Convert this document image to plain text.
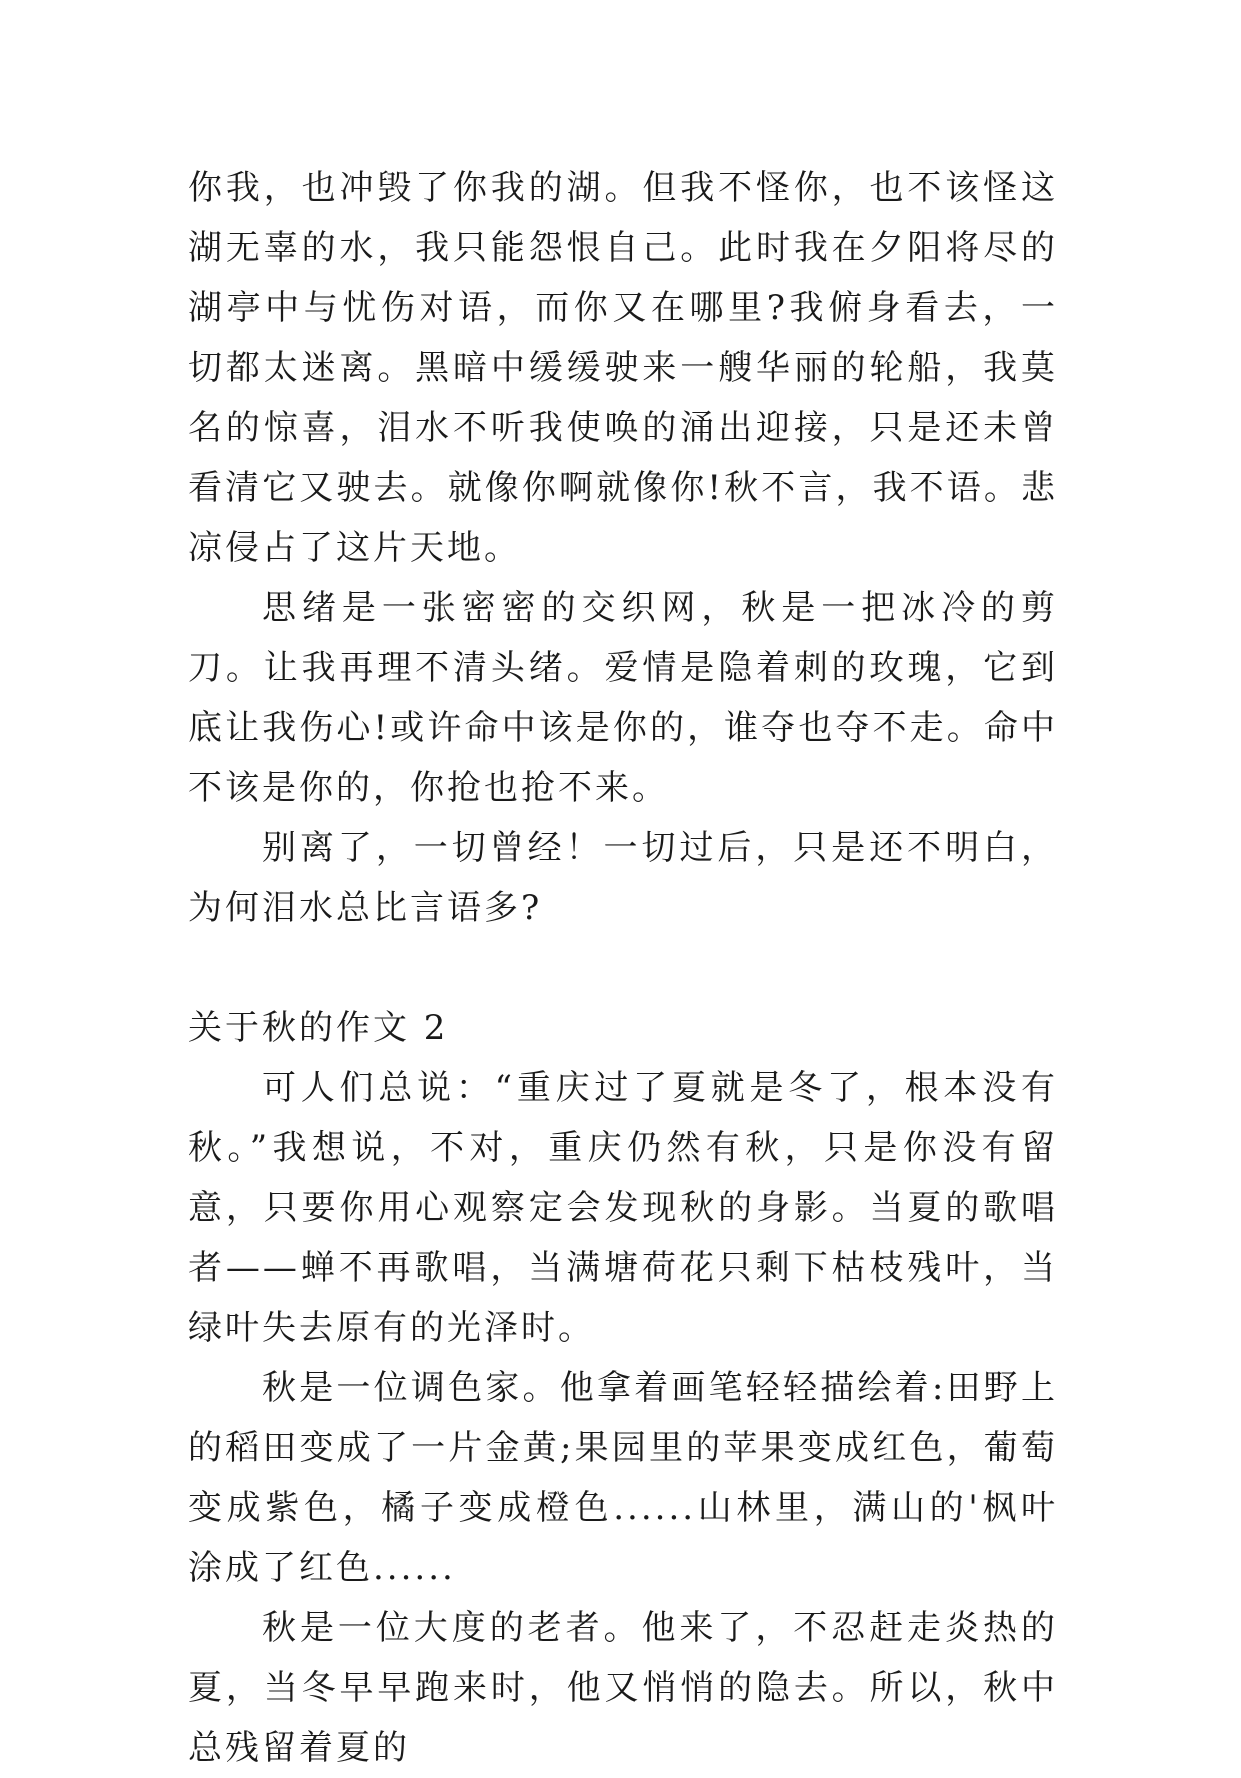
你我，也冲毁了你我的湖。但我不怪你，也不该怪这湖无辜的水，我只能怨恨自己。此时我在夕阳将尽的湖亭中与忧伤对语，而你又在哪里?我俯身看去，一切都太迷离。黑暗中缓缓驶来一艘华丽的轮船，我莫名的惊喜，泪水不听我使唤的涌出迎接，只是还未曾看清它又驶去。就像你啊就像你!秋不言，我不语。悲凉侵占了这片天地。

思绪是一张密密的交织网，秋是一把冰冷的剪刀。让我再理不清头绪。爱情是隐着刺的玫瑰，它到底让我伤心!或许命中该是你的，谁夺也夺不走。命中不该是你的，你抢也抢不来。

别离了，一切曾经！一切过后，只是还不明白，为何泪水总比言语多?

关于秋的作文 2

可人们总说：“重庆过了夏就是冬了，根本没有秋。”我想说，不对，重庆仍然有秋，只是你没有留意，只要你用心观察定会发现秋的身影。当夏的歌唱者——蝉不再歌唱，当满塘荷花只剩下枯枝残叶，当绿叶失去原有的光泽时。

秋是一位调色家。他拿着画笔轻轻描绘着:田野上的稻田变成了一片金黄;果园里的苹果变成红色，葡萄变成紫色，橘子变成橙色......山林里，满山的'枫叶涂成了红色......

秋是一位大度的老者。他来了，不忍赶走炎热的夏，当冬早早跑来时，他又悄悄的隐去。所以，秋中总残留着夏的
